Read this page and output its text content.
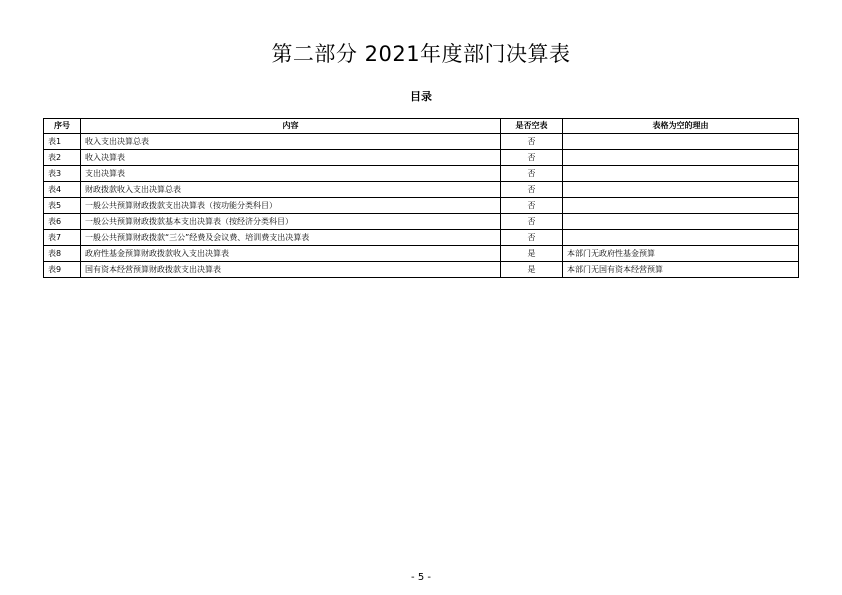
第二部分 2021年度部门决算表
目录
序号	内容	是否空表	表格为空的理由
表1	收入支出决算总表	否	
表2	收入决算表	否	
表3	支出决算表	否	
表4	财政拨款收入支出决算总表	否	
表5	一般公共预算财政拨款支出决算表（按功能分类科目）	否	
表6	一般公共预算财政拨款基本支出决算表（按经济分类科目）	否	
表7	一般公共预算财政拨款“三公”经费及会议费、培训费支出决算表	否	
表8	政府性基金预算财政拨款收入支出决算表	是	本部门无政府性基金预算
表9	国有资本经营预算财政拨款支出决算表	是	本部门无国有资本经营预算
- 5 -
